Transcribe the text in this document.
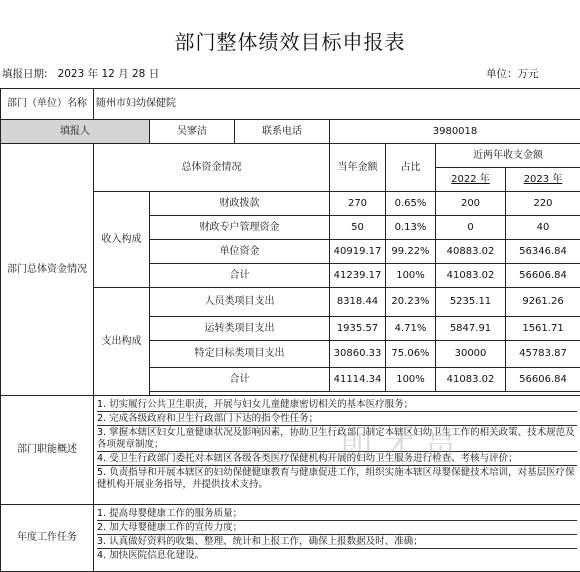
部门整体绩效目标申报表
填报日期: 2023 年 12 月 28 日	单位：万元
部门（单位）名称	随州市妇幼保健院						
填报人		吴寥洁	联系电话	3980018			
部门总体资金情况	总体资金情况			当年金额	占比	近两年收支金额	
						2022 年	2023 年
	收入构成	财政拨款		270	0.65%	200	220
		财政专户管理资金		50	0.13%	0	40
		单位资金		40919.17	99.22%	40883.02	56346.84
		合计		41239.17	100%	41083.02	56606.84
	支出构成	人员类项目支出		8318.44	20.23%	5235.11	9261.26
		运转类项目支出		1935.57	4.71%	5847.91	1561.71
		特定目标类项目支出		30860.33	75.06%	30000	45783.87
		合计		41114.34	100%	41083.02	56606.84

部门职能概述	1. 切实履行公共卫生职责，开展与妇女儿童健康密切相关的基本医疗服务；
2. 完成各级政府和卫生行政部门下达的指令性任务；
3. 掌握本辖区妇女儿童健康状况及影响因素，协助卫生行政部门制定本辖区妇幼卫生工作的相关政策、技术规范及各项规章制度；
4. 受卫生行政部门委托对本辖区各级各类医疗保健机构开展的妇幼卫生服务进行检查、考核与评价；
5. 负责指导和开展本辖区的妇幼保健健康教育与健康促进工作，组织实施本辖区母婴保健技术培训，对基层医疗保健机构开展业务指导，并提供技术支持。						

年度工作任务	1. 提高母婴健康工作的服务质量；
2. 加大母婴健康工作的宣传力度；
3. 认真做好资料的收集、整理、统计和上报工作，确保上报数据及时、准确；
4. 加快医院信息化建设。						
即 才 员
